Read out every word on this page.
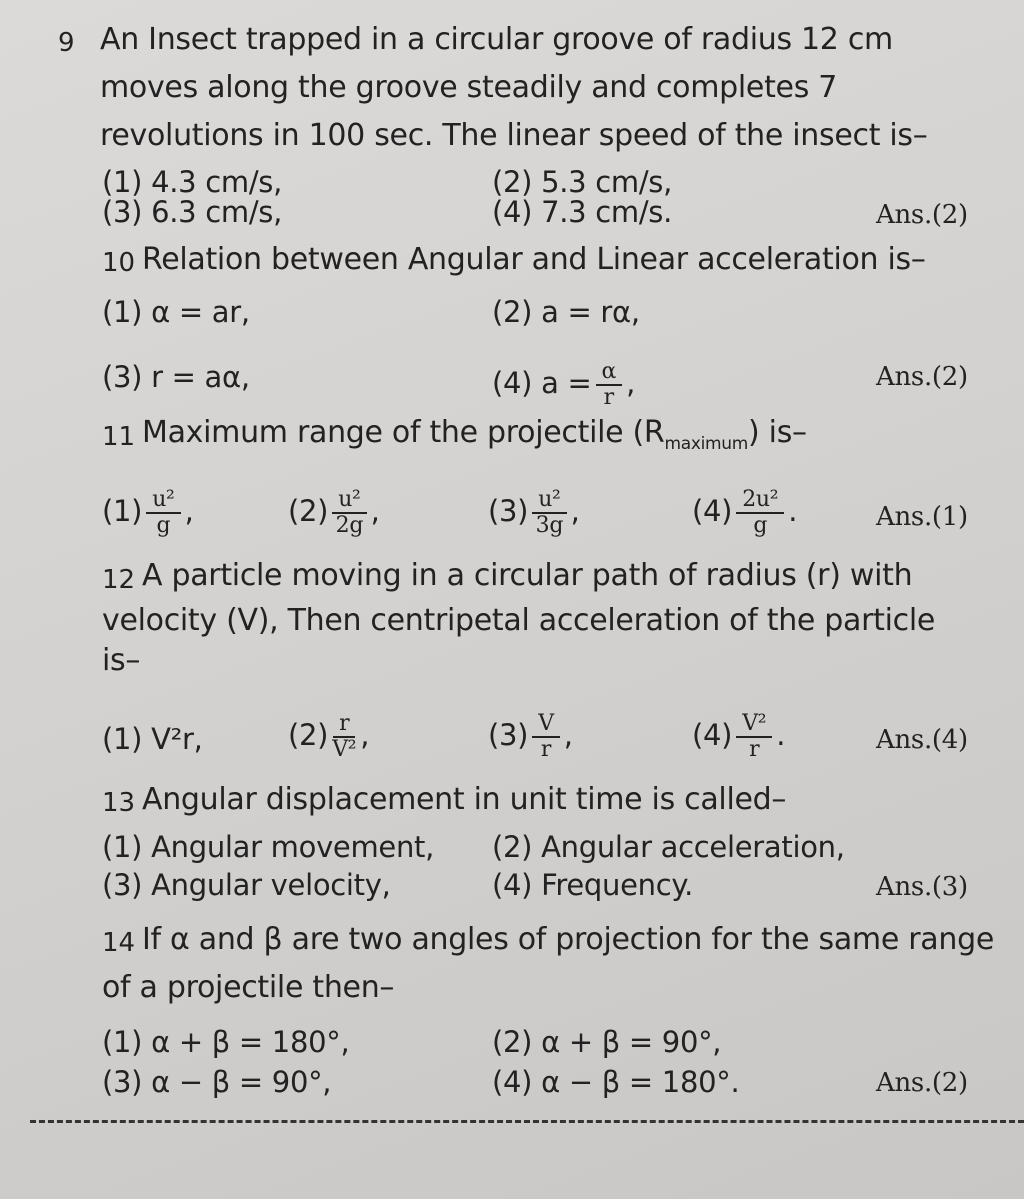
9 An Insect trapped in a circular groove of radius 12 cm
moves along the groove steadily and completes 7
revolutions in 100 sec. The linear speed of the insect is–
(1) 4.3 cm/s,	(2) 5.3 cm/s,
(3) 6.3 cm/s,	(4) 7.3 cm/s.	Ans.(2)
10 Relation between Angular and Linear acceleration is–
(1) α = ar,	(2) a = rα,
(3) r = aα,	(4) $a = \frac{\alpha}{r}$ ,	Ans.(2)
11 Maximum range of the projectile $(R_{maximum})$ is–
$(1) \frac{\text{u²}}{g}$ ,	$(2) \frac{\text{u²}}{2g}$ ,	$(3) \frac{\text{u²}}{3g}$ ,	$(4) \frac{\text{2u²}}{g}$ .	Ans.(1)
12 A particle moving in a circular path of radius (r) with
velocity (V), Then centripetal acceleration of the particle
is–
(1) V²r,	$(2) \frac{r}{\text{V²}}$ ,	$(3) \frac{V}{r}$ ,	$(4) \frac{\text{V²}}{r}$ .	Ans.(4)
13 Angular displacement in unit time is called–
(1) Angular movement, (2) Angular acceleration,
(3) Angular velocity,	(4) Frequency.	Ans.(3)
14 If α and β are two angles of projection for the same range
of a projectile then–
(1) α + β = 180°,	(2) α + β = 90°,
(3) α − β = 90°,	(4) α − β = 180°.	Ans.(2)
